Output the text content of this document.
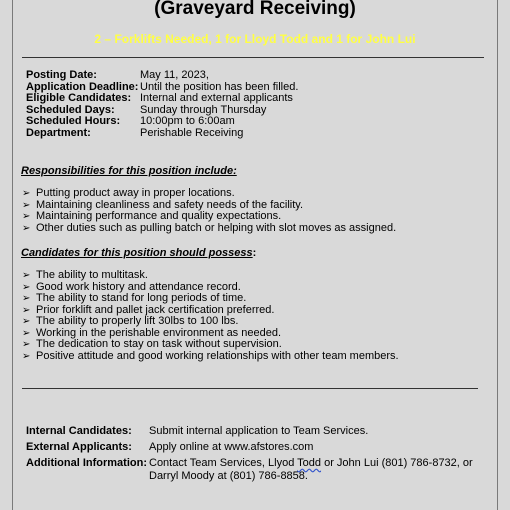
(Graveyard Receiving)
2 – Forklifts Needed, 1 for Lloyd Todd and 1 for John Lui
Posting Date:	May 11, 2023,
Application Deadline: Until the position has been filled.
Eligible Candidates: Internal and external applicants
Scheduled Days:	Sunday through Thursday
Scheduled Hours:	10:00pm to 6:00am
Department:	Perishable Receiving
Responsibilities for this position include:
➢ Putting product away in proper locations.
➢ Maintaining cleanliness and safety needs of the facility.
➢ Maintaining performance and quality expectations.
➢ Other duties such as pulling batch or helping with slot moves as assigned.
Candidates for this position should possess:
➢ The ability to multitask.
➢ Good work history and attendance record.
➢ The ability to stand for long periods of time.
➢ Prior forklift and pallet jack certification preferred.
➢ The ability to properly lift 30lbs to 100 lbs.
➢ Working in the perishable environment as needed.
➢ The dedication to stay on task without supervision.
➢ Positive attitude and good working relationships with other team members.
Internal Candidates:	Submit internal application to Team Services.
External Applicants:	Apply online at www.afstores.com
Additional Information: Contact Team Services, Llyod Todd or John Lui (801) 786-8732, or Darryl Moody at (801) 786-8858.
